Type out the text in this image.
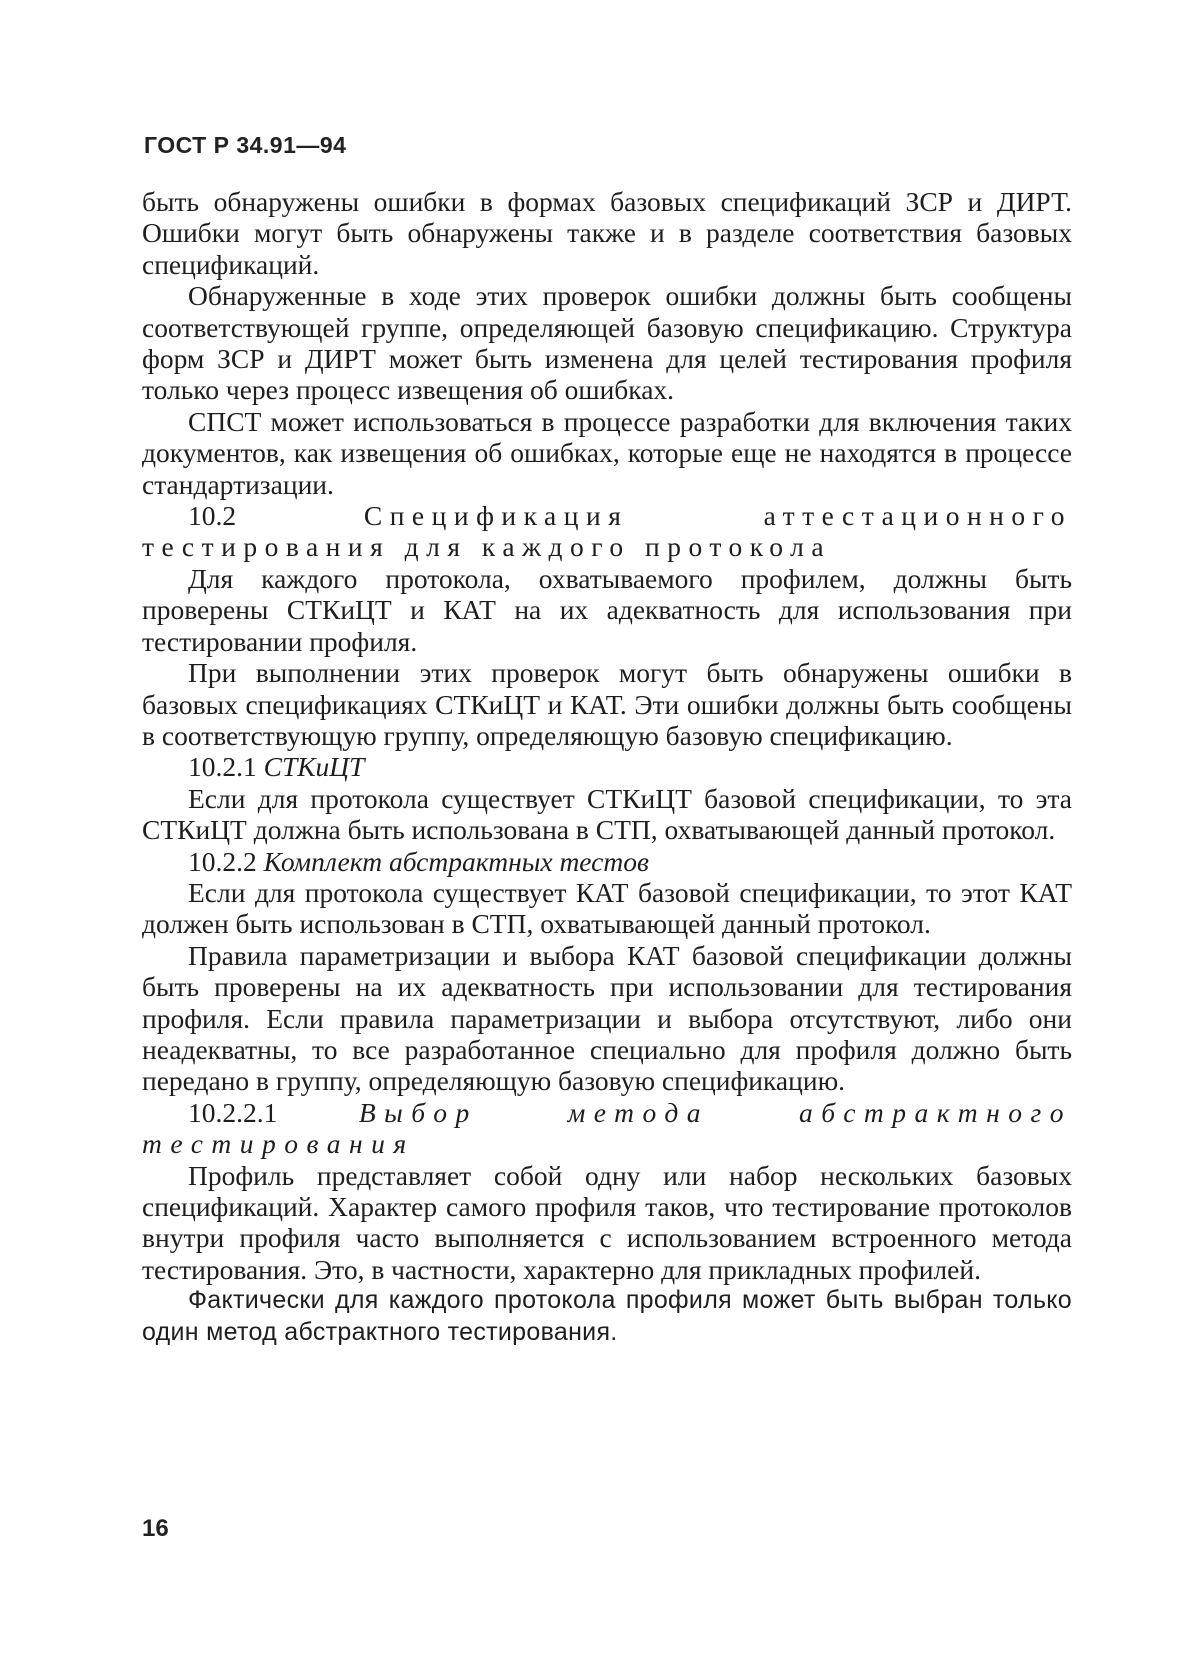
ГОСТ Р 34.91—94

быть обнаружены ошибки в формах базовых спецификаций ЗСР и ДИРТ. Ошибки могут быть обнаружены также и в разделе соответствия базовых спецификаций.

Обнаруженные в ходе этих проверок ошибки должны быть сообщены соответствующей группе, определяющей базовую спецификацию. Структура форм ЗСР и ДИРТ может быть изменена для целей тестирования профиля только через процесс извещения об ошибках.

СПСТ может использоваться в процессе разработки для включения таких документов, как извещения об ошибках, которые еще не находятся в процессе стандартизации.

10.2	Спецификация аттестационного тестирования для каждого протокола

Для каждого протокола, охватываемого профилем, должны быть проверены СТКиЦТ и КАТ на их адекватность для использования при тестировании профиля.

При выполнении этих проверок могут быть обнаружены ошибки в базовых спецификациях СТКиЦТ и КАТ. Эти ошибки должны быть сообщены в соответствующую группу, определяющую базовую спецификацию.

10.2.1 СТКиЦТ

Если для протокола существует СТКиЦТ базовой спецификации, то эта СТКиЦТ должна быть использована в СТП, охватывающей данный протокол.

10.2.2 Комплект абстрактных тестов

Если для протокола существует КАТ базовой спецификации, то этот КАТ должен быть использован в СТП, охватывающей данный протокол.

Правила параметризации и выбора КАТ базовой спецификации должны быть проверены на их адекватность при использовании для тестирования профиля. Если правила параметризации и выбора отсутствуют, либо они неадекватны, то все разработанное специально для профиля должно быть передано в группу, определяющую базовую спецификацию.

10.2.2.1	Выбор метода абстрактного тестирования

Профиль представляет собой одну или набор нескольких базовых спецификаций. Характер самого профиля таков, что тестирование протоколов внутри профиля часто выполняется с использованием встроенного метода тестирования. Это, в частности, характерно для прикладных профилей.

Фактически для каждого протокола профиля может быть выбран только один метод абстрактного тестирования.

16
